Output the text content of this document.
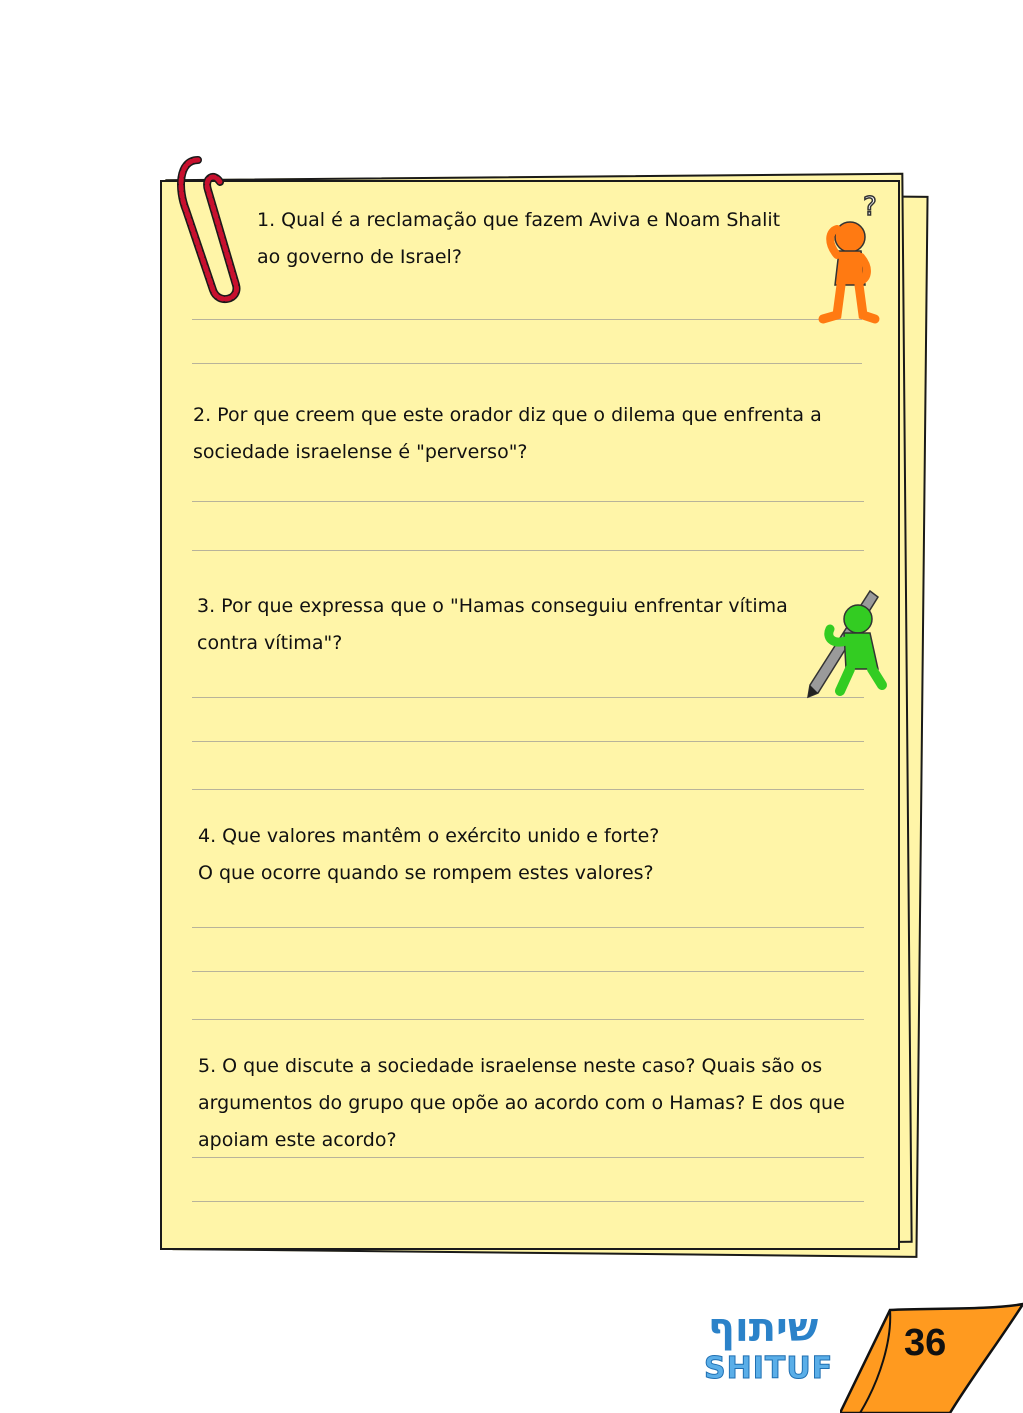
1. Qual é a reclamação que fazem Aviva e Noam Shalit
ao governo de Israel?

2. Por que creem que este orador diz que o dilema que enfrenta a
sociedade israelense é "perverso"?

3. Por que expressa que o "Hamas conseguiu enfrentar vítima
contra vítima"?

4. Que valores mantêm o exército unido e forte?
O que ocorre quando se rompem estes valores?

5. O que discute a sociedade israelense neste caso? Quais são os
argumentos do grupo que opõe ao acordo com o Hamas? E dos que
apoiam este acordo?

?
שיתוף
SHITUF
36
